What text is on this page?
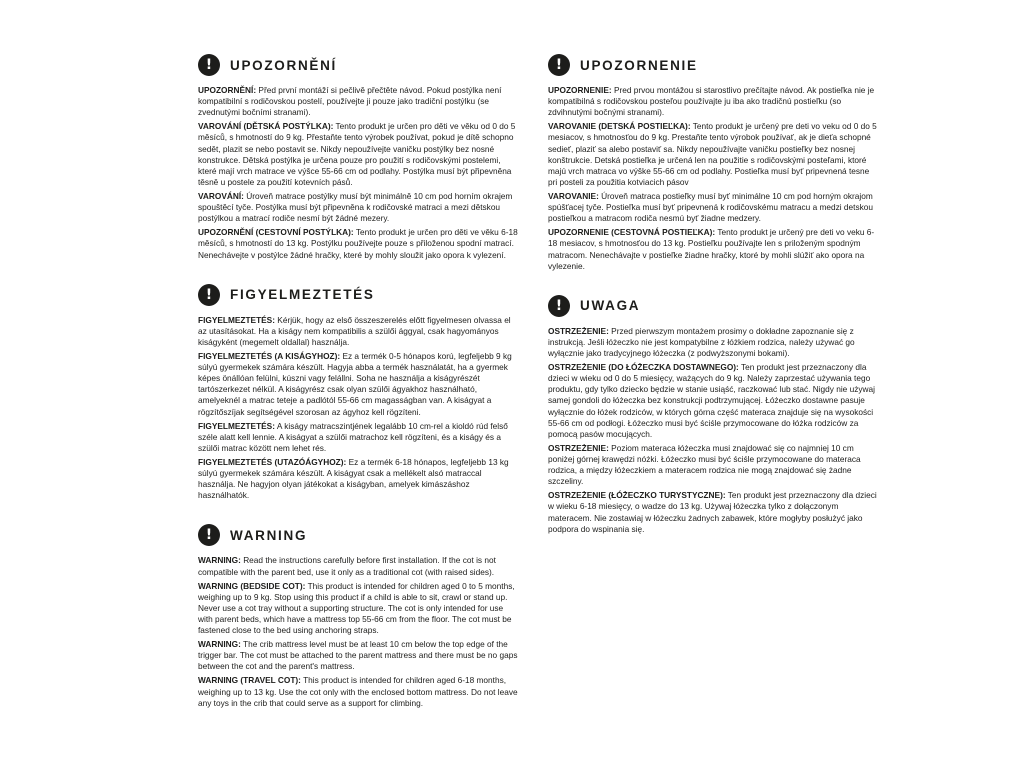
! UPOZORNĚNÍ

UPOZORNĚNÍ: Před první montáží si pečlivě přečtěte návod. Pokud postýlka není kompatibilní s rodičovskou postelí, používejte ji pouze jako tradiční postýlku (se zvednutými bočními stranami).

VAROVÁNÍ (DĚTSKÁ POSTÝLKA): Tento produkt je určen pro děti ve věku od 0 do 5 měsíců, s hmotností do 9 kg. Přestaňte tento výrobek používat, pokud je dítě schopno sedět, plazit se nebo postavit se. Nikdy nepoužívejte vaničku postýlky bez nosné konstrukce. Dětská postýlka je určena pouze pro použití s rodičovskými postelemi, které mají vrch matrace ve výšce 55-66 cm od podlahy. Postýlka musí být připevněna těsně u postele za použití kotevních pásů.

VAROVÁNÍ: Úroveň matrace postýlky musí být minimálně 10 cm pod horním okrajem spouštěcí tyče. Postýlka musí být připevněna k rodičovské matraci a mezi dětskou postýlkou a matrací rodiče nesmí být žádné mezery.

UPOZORNĚNÍ (CESTOVNÍ POSTÝLKA): Tento produkt je určen pro děti ve věku 6-18 měsíců, s hmotností do 13 kg. Postýlku používejte pouze s přiloženou spodní matrací. Nenechávejte v postýlce žádné hračky, které by mohly sloužit jako opora k vylezení.

! FIGYELMEZTETÉS

FIGYELMEZTETÉS: Kérjük, hogy az első összeszerelés előtt figyelmesen olvassa el az utasításokat. Ha a kiságy nem kompatibilis a szülői ággyal, csak hagyományos kiságyként (megemelt oldallal) használja.

FIGYELMEZTETÉS (A KISÁGYHOZ): Ez a termék 0-5 hónapos korú, legfeljebb 9 kg súlyú gyermekek számára készült. Hagyja abba a termék használatát, ha a gyermek képes önállóan felülni, kúszni vagy felállni. Soha ne használja a kiságyrészét tartószerkezet nélkül. A kiságyrész csak olyan szülői ágyakhoz használható, amelyeknél a matrac teteje a padlótól 55-66 cm magasságban van. A kiságyat a rögzítőszíjak segítségével szorosan az ágyhoz kell rögzíteni.

FIGYELMEZTETÉS: A kiságy matracszintjének legalább 10 cm-rel a kioldó rúd felső széle alatt kell lennie. A kiságyat a szülői matrachoz kell rögzíteni, és a kiságy és a szülői matrac között nem lehet rés.

FIGYELMEZTETÉS (UTAZÓÁGYHOZ): Ez a termék 6-18 hónapos, legfeljebb 13 kg súlyú gyermekek számára készült. A kiságyat csak a mellékelt alsó matraccal használja. Ne hagyjon olyan játékokat a kiságyban, amelyek kimászáshoz használhatók.

! WARNING

WARNING: Read the instructions carefully before first installation. If the cot is not compatible with the parent bed, use it only as a traditional cot (with raised sides).

WARNING (BEDSIDE COT): This product is intended for children aged 0 to 5 months, weighing up to 9 kg. Stop using this product if a child is able to sit, crawl or stand up. Never use a cot tray without a supporting structure. The cot is only intended for use with parent beds, which have a mattress top 55-66 cm from the floor. The cot must be fastened close to the bed using anchoring straps.

WARNING: The crib mattress level must be at least 10 cm below the top edge of the trigger bar. The cot must be attached to the parent mattress and there must be no gaps between the cot and the parent's mattress.

WARNING (TRAVEL COT): This product is intended for children aged 6-18 months, weighing up to 13 kg. Use the cot only with the enclosed bottom mattress. Do not leave any toys in the crib that could serve as a support for climbing.

! UPOZORNENIE

UPOZORNENIE: Pred prvou montážou si starostlivo prečítajte návod. Ak postieľka nie je kompatibilná s rodičovskou posteľou používajte ju iba ako tradičnú postieľku (so zdvihnutými bočnými stranami).

VAROVANIE (DETSKÁ POSTIEĽKA): Tento produkt je určený pre deti vo veku od 0 do 5 mesiacov, s hmotnosťou do 9 kg. Prestaňte tento výrobok používať, ak je dieťa schopné sedieť, plaziť sa alebo postaviť sa. Nikdy nepoužívajte vaničku postieľky bez nosnej konštrukcie. Detská postieľka je určená len na použitie s rodičovskými posteľami, ktoré majú vrch matraca vo výške 55-66 cm od podlahy. Postieľka musí byť pripevnená tesne pri posteli za použitia kotviacich pásov

VAROVANIE: Úroveň matraca postieľky musí byť minimálne 10 cm pod horným okrajom spúšťacej tyče. Postieľka musí byť pripevnená k rodičovskému matracu a medzi detskou postieľkou a matracom rodiča nesmú byť žiadne medzery.

UPOZORNENIE (CESTOVNÁ POSTIEĽKA): Tento produkt je určený pre deti vo veku 6-18 mesiacov, s hmotnosťou do 13 kg. Postieľku používajte len s priloženým spodným matracom. Nenechávajte v postieľke žiadne hračky, ktoré by mohli slúžiť ako opora na vylezenie.

! UWAGA

OSTRZEŻENIE: Przed pierwszym montażem prosimy o dokładne zapoznanie się z instrukcją. Jeśli łóżeczko nie jest kompatybilne z łóżkiem rodzica, należy używać go wyłącznie jako tradycyjnego łóżeczka (z podwyższonymi bokami).

OSTRZEŻENIE (DO ŁÓŻECZKA DOSTAWNEGO): Ten produkt jest przeznaczony dla dzieci w wieku od 0 do 5 miesięcy, ważących do 9 kg. Należy zaprzestać używania tego produktu, gdy tylko dziecko będzie w stanie usiąść, raczkować lub stać. Nigdy nie używaj samej gondoli do łóżeczka bez konstrukcji podtrzymującej. Łóżeczko dostawne pasuje wyłącznie do łóżek rodziców, w których górna część materaca znajduje się na wysokości 55-66 cm od podłogi. Łóżeczko musi być ściśle przymocowane do łóżka rodziców za pomocą pasów mocujących.

OSTRZEŻENIE: Poziom materaca łóżeczka musi znajdować się co najmniej 10 cm poniżej górnej krawędzi nóżki. Łóżeczko musi być ściśle przymocowane do materaca rodzica, a między łóżeczkiem a materacem rodzica nie mogą znajdować się żadne szczeliny.

OSTRZEŻENIE (ŁÓŻECZKO TURYSTYCZNE): Ten produkt jest przeznaczony dla dzieci w wieku 6-18 miesięcy, o wadze do 13 kg. Używaj łóżeczka tylko z dołączonym materacem. Nie zostawiaj w łóżeczku żadnych zabawek, które mogłyby posłużyć jako podpora do wspinania się.
